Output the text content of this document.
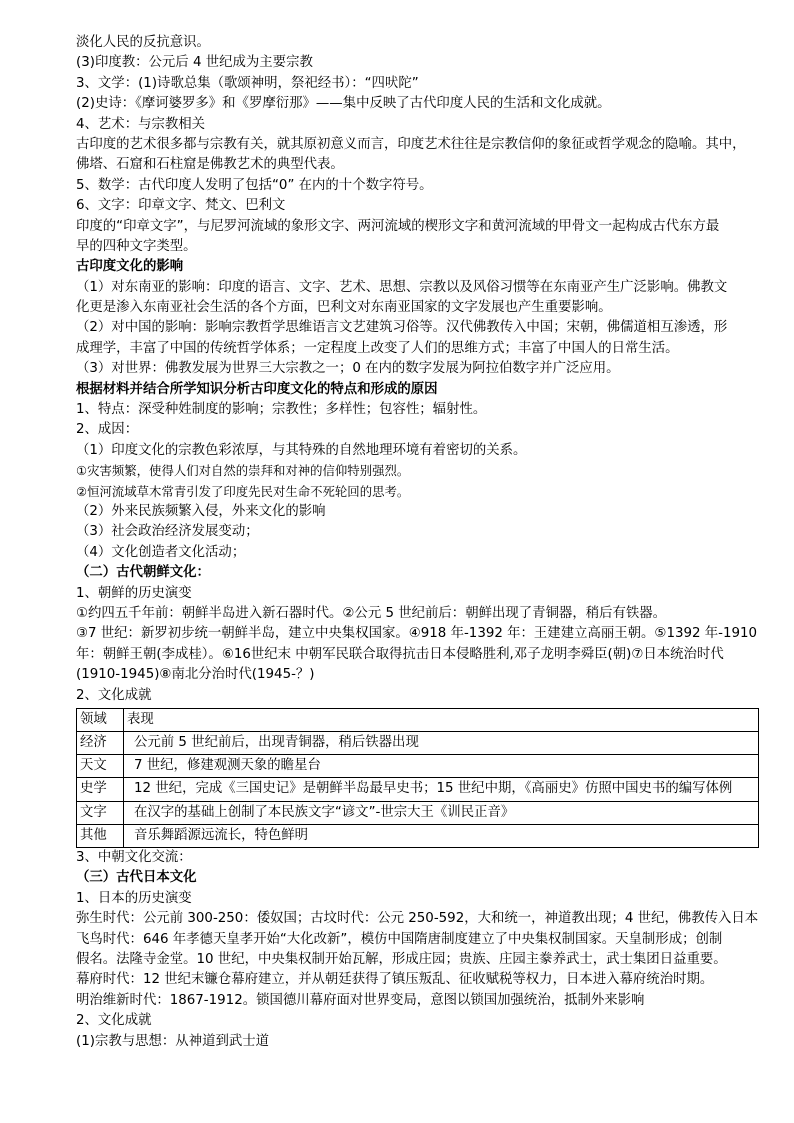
淡化人民的反抗意识。
(3)印度教：公元后 4 世纪成为主要宗教
3、文学：(1)诗歌总集（歌颂神明，祭祀经书）：“四吠陀”
(2)史诗：《摩诃婆罗多》和《罗摩衍那》——集中反映了古代印度人民的生活和文化成就。
4、艺术：与宗教相关
古印度的艺术很多都与宗教有关，就其原初意义而言，印度艺术往往是宗教信仰的象征或哲学观念的隐喻。其中，
佛塔、石窟和石柱窟是佛教艺术的典型代表。
5、数学：古代印度人发明了包括“0” 在内的十个数字符号。
6、文字：印章文字、梵文、巴利文
印度的“印章文字”，与尼罗河流域的象形文字、两河流域的楔形文字和黄河流域的甲骨文一起构成古代东方最
早的四种文字类型。
古印度文化的影响
（1）对东南亚的影响：印度的语言、文字、艺术、思想、宗教以及风俗习惯等在东南亚产生广泛影响。佛教文
化更是渗入东南亚社会生活的各个方面，巴利文对东南亚国家的文字发展也产生重要影响。
（2）对中国的影响：影响宗教哲学思维语言文艺建筑习俗等。汉代佛教传入中国；宋朝，佛儒道相互渗透，形
成理学，丰富了中国的传统哲学体系；一定程度上改变了人们的思维方式；丰富了中国人的日常生活。
（3）对世界：佛教发展为世界三大宗教之一；0 在内的数字发展为阿拉伯数字并广泛应用。
根据材料并结合所学知识分析古印度文化的特点和形成的原因
1、特点：深受种姓制度的影响；宗教性；多样性；包容性；辐射性。
2、成因：
（1）印度文化的宗教色彩浓厚，与其特殊的自然地理环境有着密切的关系。
①灾害频繁，使得人们对自然的崇拜和对神的信仰特别强烈。
②恒河流域草木常青引发了印度先民对生命不死轮回的思考。
（2）外来民族频繁入侵，外来文化的影响
（3）社会政治经济发展变动；
（4）文化创造者文化活动；
（二）古代朝鲜文化：
1、朝鲜的历史演变
①约四五千年前：朝鲜半岛进入新石器时代。②公元 5 世纪前后：朝鲜出现了青铜器，稍后有铁器。
③7 世纪：新罗初步统一朝鲜半岛，建立中央集权国家。④918 年-1392 年：王建建立高丽王朝。⑤1392 年-1910
年：朝鲜王朝(李成桂）。⑥16世纪末 中朝军民联合取得抗击日本侵略胜利,邓子龙明李舜臣(朝)⑦日本统治时代
(1910-1945)⑧南北分治时代(1945-？)
2、文化成就
领域	表现
经济	公元前 5 世纪前后，出现青铜器，稍后铁器出现
天文	7 世纪，修建观测天象的瞻星台
史学	12 世纪，完成《三国史记》是朝鲜半岛最早史书；15 世纪中期，《高丽史》仿照中国史书的编写体例
文字	在汉字的基础上创制了本民族文字“谚文”-世宗大王《训民正音》
其他	音乐舞蹈源远流长，特色鲜明
3、中朝文化交流：
（三）古代日本文化
1、日本的历史演变
弥生时代：公元前 300-250：倭奴国；古坟时代：公元 250-592，大和统一，神道教出现；4 世纪，佛教传入日本
飞鸟时代：646 年孝德天皇孝开始“大化改新”，模仿中国隋唐制度建立了中央集权制国家。天皇制形成；创制
假名。法隆寺金堂。10 世纪，中央集权制开始瓦解，形成庄园；贵族、庄园主豢养武士，武士集团日益重要。
幕府时代：12 世纪末镰仓幕府建立，并从朝廷获得了镇压叛乱、征收赋税等权力，日本进入幕府统治时期。
明治维新时代：1867-1912。锁国德川幕府面对世界变局，意图以锁国加强统治，抵制外来影响
2、文化成就
(1)宗教与思想：从神道到武士道
